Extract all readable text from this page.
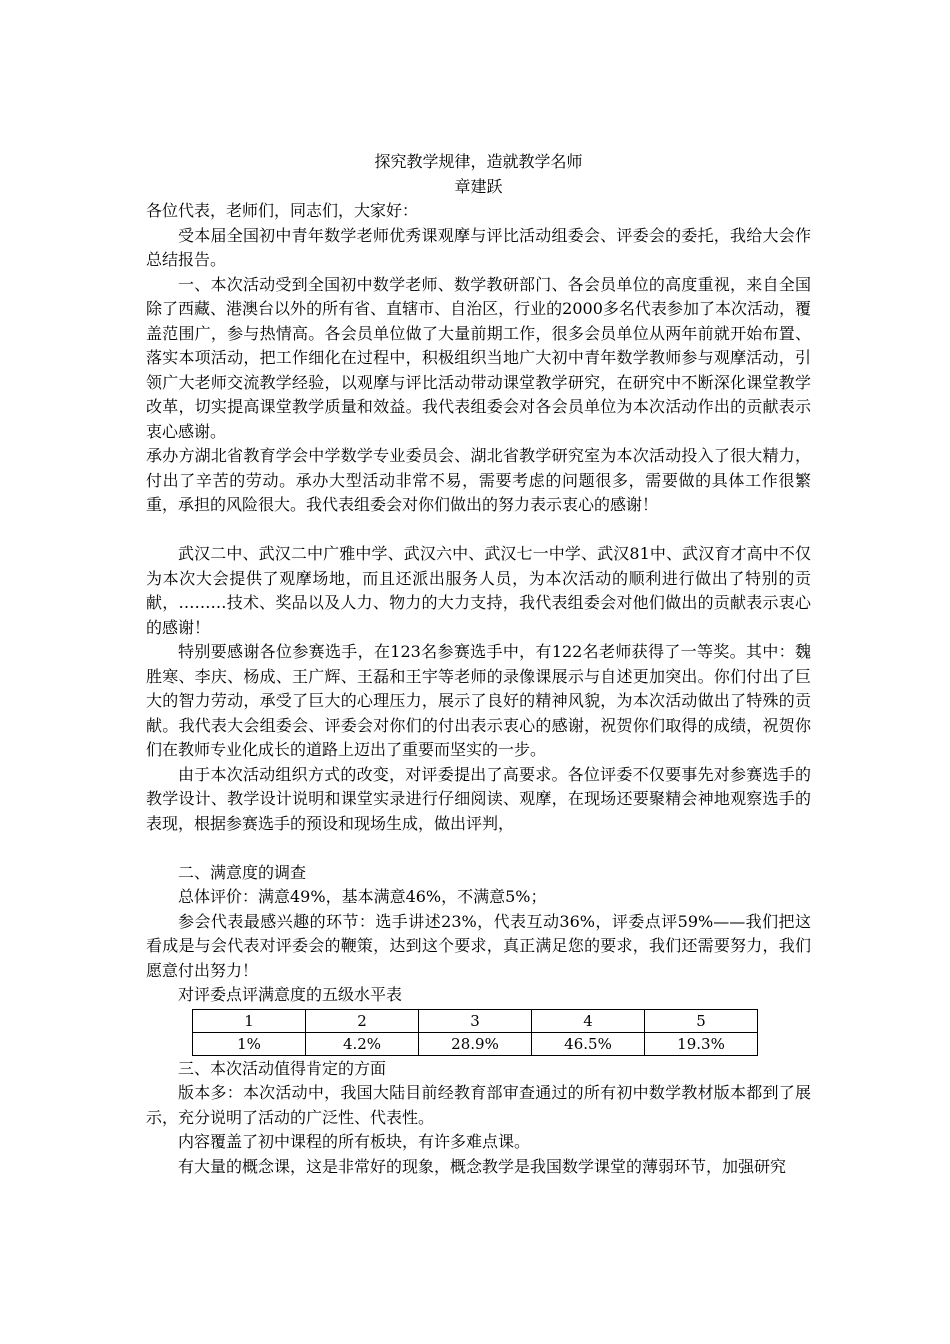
探究教学规律，造就教学名师

章建跃

各位代表，老师们，同志们，大家好：

受本届全国初中青年数学老师优秀课观摩与评比活动组委会、评委会的委托，我给大会作总结报告。

一、本次活动受到全国初中数学老师、数学教研部门、各会员单位的高度重视，来自全国除了西藏、港澳台以外的所有省、直辖市、自治区，行业的2000多名代表参加了本次活动，覆盖范围广，参与热情高。各会员单位做了大量前期工作，很多会员单位从两年前就开始布置、落实本项活动，把工作细化在过程中，积极组织当地广大初中青年数学教师参与观摩活动，引领广大老师交流教学经验，以观摩与评比活动带动课堂教学研究，在研究中不断深化课堂教学改革，切实提高课堂教学质量和效益。我代表组委会对各会员单位为本次活动作出的贡献表示衷心感谢。

承办方湖北省教育学会中学数学专业委员会、湖北省教学研究室为本次活动投入了很大精力，付出了辛苦的劳动。承办大型活动非常不易，需要考虑的问题很多，需要做的具体工作很繁重，承担的风险很大。我代表组委会对你们做出的努力表示衷心的感谢！

武汉二中、武汉二中广雅中学、武汉六中、武汉七一中学、武汉81中、武汉育才高中不仅为本次大会提供了观摩场地，而且还派出服务人员，为本次活动的顺利进行做出了特别的贡献，………技术、奖品以及人力、物力的大力支持，我代表组委会对他们做出的贡献表示衷心的感谢！

特别要感谢各位参赛选手，在123名参赛选手中，有122名老师获得了一等奖。其中：魏胜寒、李庆、杨成、王广辉、王磊和王宇等老师的录像课展示与自述更加突出。你们付出了巨大的智力劳动，承受了巨大的心理压力，展示了良好的精神风貌，为本次活动做出了特殊的贡献。我代表大会组委会、评委会对你们的付出表示衷心的感谢，祝贺你们取得的成绩，祝贺你们在教师专业化成长的道路上迈出了重要而坚实的一步。

由于本次活动组织方式的改变，对评委提出了高要求。各位评委不仅要事先对参赛选手的教学设计、教学设计说明和课堂实录进行仔细阅读、观摩，在现场还要聚精会神地观察选手的表现，根据参赛选手的预设和现场生成，做出评判，

二、满意度的调查

总体评价：满意49%，基本满意46%，不满意5%；

参会代表最感兴趣的环节：选手讲述23%，代表互动36%，评委点评59%——我们把这看成是与会代表对评委会的鞭策，达到这个要求，真正满足您的要求，我们还需要努力，我们愿意付出努力！

对评委点评满意度的五级水平表

1	2	3	4	5
1%	4.2%	28.9%	46.5%	19.3%

三、本次活动值得肯定的方面

版本多：本次活动中，我国大陆目前经教育部审查通过的所有初中数学教材版本都到了展示，充分说明了活动的广泛性、代表性。

内容覆盖了初中课程的所有板块，有许多难点课。

有大量的概念课，这是非常好的现象，概念教学是我国数学课堂的薄弱环节，加强研究
